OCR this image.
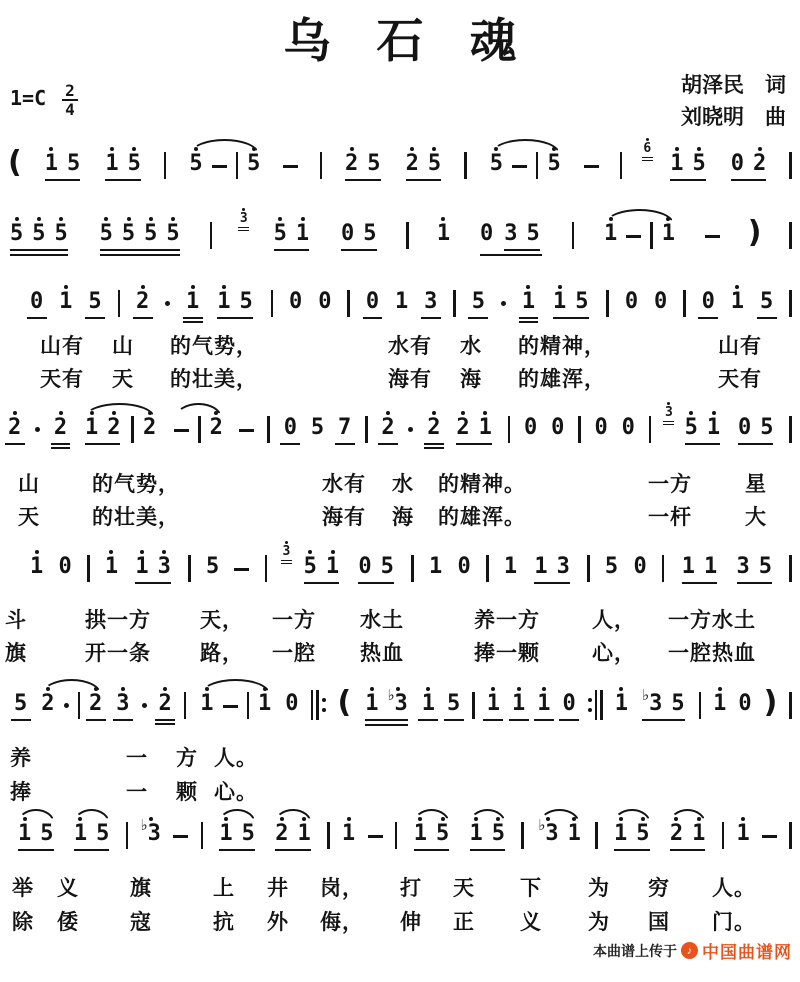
乌石魂
$1=C \frac{2}{4}$	胡泽民　词
刘晓明　曲
( 1 5 1 5 5 5	2 5 2 5 5 5
6
1 5 0 2
5 5 5 5 5 5 5
3
5 1 0 5	1 0 3 5	1 1 )
0 1 5 2 1 1 5 0 0 0 1 3 5 1 1 5 0 0 0 1 5
2 2 1 2 2 2	0 5 7 2 2 2 1 0 0 0 0
3
5 1 0 5
1 0 1 1 3 5
3
5 1 0 5 1 0 1 1 3 5 0 1 1 3 5
5 2 2 3 2 1 1 0 ( 1 ♭ 3 1 5 1 1 1 0 1 ♭ 3 5 1 0 )
1 5 1 5 ♭ 3	1 5 2 1 1	1 5 1 5 ♭ 3 1 1 5 2 1 1
山有 山 的气势，	水有 水 的精神，	山有
天有 天 的壮美，	海有 海 的雄浑，	天有
山 的气势，	水有 水 的精神。	一方	星
天 的壮美，	海有 海 的雄浑。	一杆	大
斗	拱一方 天， 一方 水土	养一方 人， 一方水土
旗	开一条 路， 一腔 热血	捧一颗 心， 一腔热血
养	一 方 人。
捧	一 颗 心。
举 义 旗	上 井 岗， 打 天 下 为 穷 人。
除 倭 寇	抗 外 侮， 伸 正 义 为 国 门。
本曲谱上传于 ♪ 中国曲谱网
